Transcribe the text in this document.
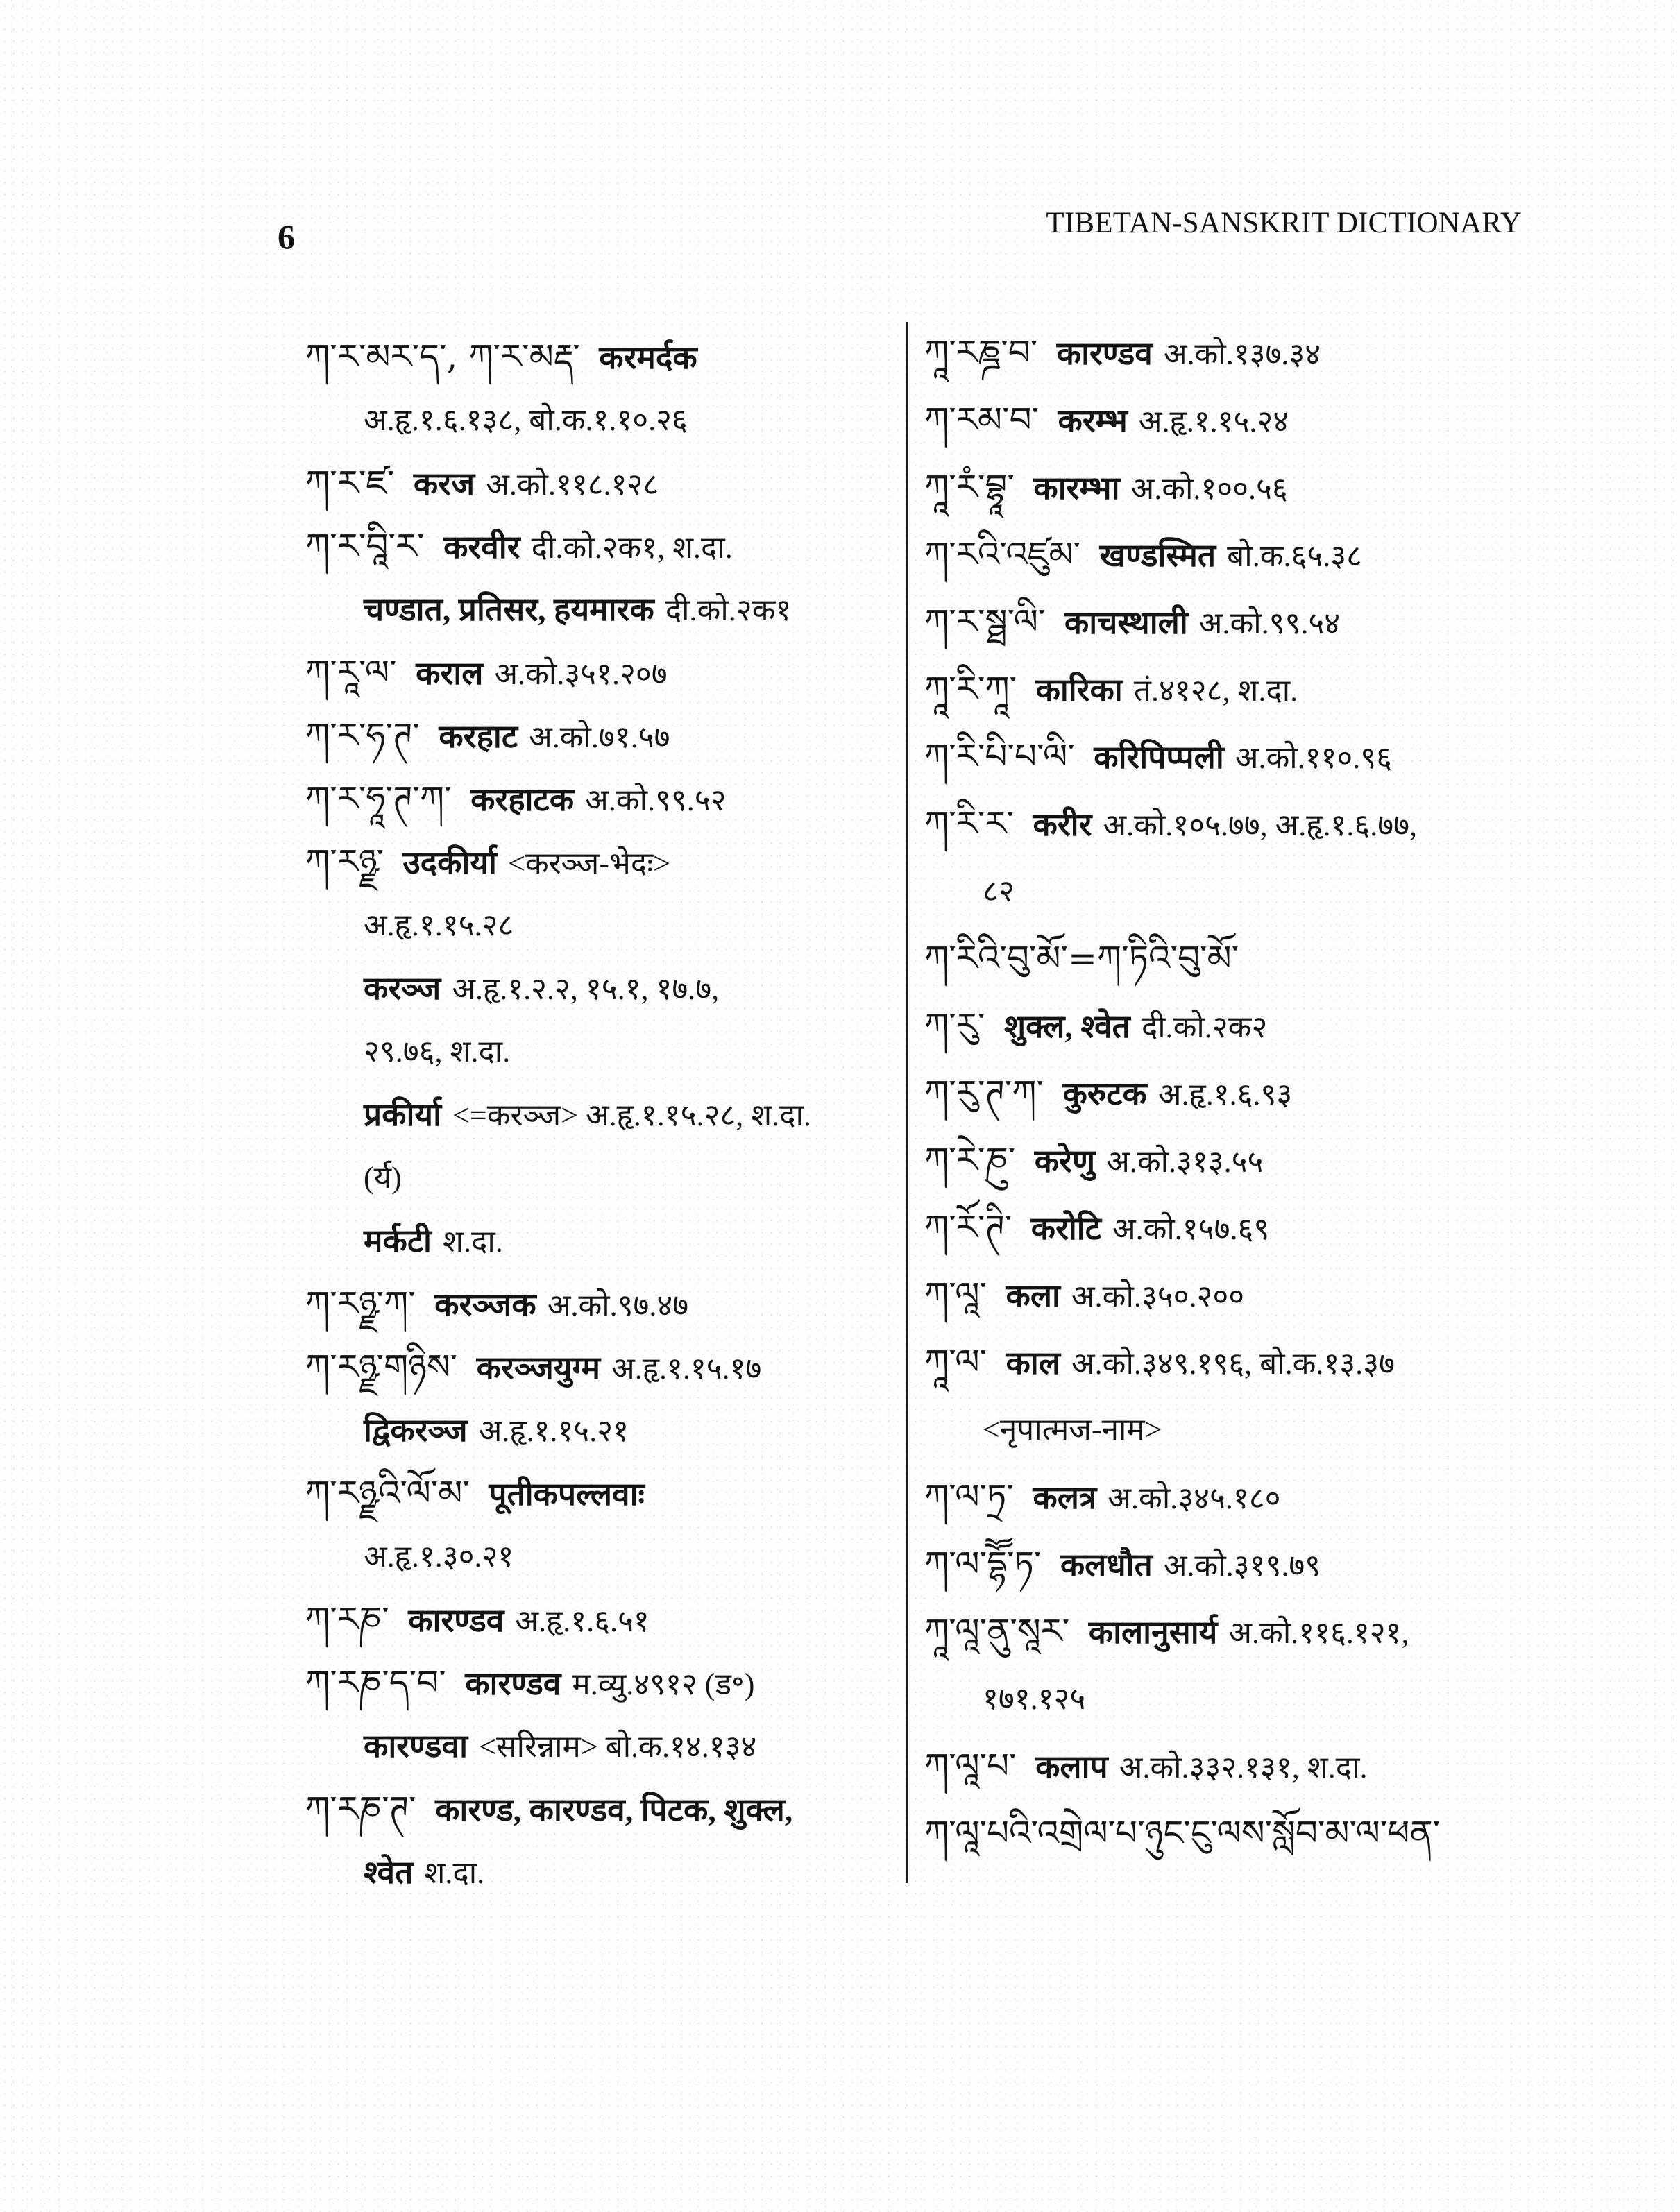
6	TIBETAN-SANSKRIT DICTIONARY
ཀ་ར་མར་ད་, ཀ་ར་མརྡ་ करमर्दक
अ.हृ.१.६.१३८, बो.क.१.१०.२६
ཀ་ར་ཛ་ करज अ.को.११८.१२८
ཀ་ར་བཱི་ར་ करवीर दी.को.२क१, श.दा.
चण्डात, प्रतिसर, हयमारक दी.को.२क१
ཀ་རཱ་ལ་ कराल अ.को.३५१.२०७
ཀ་ར་ཧ་ཊ་ करहाट अ.को.७१.५७
ཀ་ར་ཧཱ་ཊ་ཀ་ करहाटक अ.को.९९.५२
ཀ་རཉྫ་ उदकीर्या <करञ्ज-भेदः>
अ.हृ.१.१५.२८
करञ्ज अ.हृ.१.२.२, १५.१, १७.७,
२९.७६, श.दा.
प्रकीर्या <=करञ्ज> अ.हृ.१.१५.२८, श.दा.
(र्य)
मर्कटी श.दा.
ཀ་རཉྫ་ཀ་ करञ्जक अ.को.९७.४७
ཀ་རཉྫ་གཉིས་ करञ्जयुग्म अ.हृ.१.१५.१७
द्विकरञ्ज अ.हृ.१.१५.२१
ཀ་རཉྫའི་ལོ་མ་ पूतीकपल्लवाः
अ.हृ.१.३०.२१
ཀ་རཎ་ कारण्डव अ.हृ.१.६.५१
ཀ་རཎ་ད་བ་ कारण्डव म.व्यु.४९१२ (ड॰)
कारण्डवा <सरिन्नाम> बो.क.१४.१३४
ཀ་རཎ་ཊ་ कारण्ड, कारण्डव, पिटक, शुक्ल,
श्वेत श.दा.
ཀཱ་རཎྜ་བ་ कारण्डव अ.को.१३७.३४
ཀ་རམ་བ་ करम्भ अ.हृ.१.१५.२४
ཀཱ་རཾ་བྷཱ་ कारम्भा अ.को.१००.५६
ཀ་རའི་འཛུམ་ खण्डस्मित बो.क.६५.३८
ཀ་ར་སྠ་ལི་ काचस्थाली अ.को.९९.५४
ཀཱ་རི་ཀཱ་ कारिका तं.४१२८, श.दा.
ཀ་རི་པི་པ་ལི་ करिपिप्पली अ.को.११०.९६
ཀ་རི་ར་ करीर अ.को.१०५.७७, अ.हृ.१.६.७७,
८२
ཀ་རིའི་བུ་མོ་=ཀ་ཏིའི་བུ་མོ་
ཀ་རུ་ शुक्ल, श्वेत दी.को.२क२
ཀ་རུ་ཊ་ཀ་ कुरुटक अ.हृ.१.६.९३
ཀ་རེ་ཎུ་ करेणु अ.को.३१३.५५
ཀ་རོ་ཊི་ करोटि अ.को.१५७.६९
ཀ་ལཱ་ कला अ.को.३५०.२००
ཀཱ་ལ་ काल अ.को.३४९.१९६, बो.क.१३.३७
<नृपात्मज-नाम>
ཀ་ལ་ཏྲ་ कलत्र अ.को.३४५.१८०
ཀ་ལ་དྷཽ་ཏ་ कलधौत अ.को.३१९.७९
ཀཱ་ལཱ་ནུ་སཱར་ कालानुसार्य अ.को.११६.१२१,
१७१.१२५
ཀ་ལཱ་པ་ कलाप अ.को.३३२.१३१, श.दा.
ཀ་ལཱ་པའི་འགྲེལ་པ་ཉུང་ངུ་ལས་སློབ་མ་ལ་ཕན་
